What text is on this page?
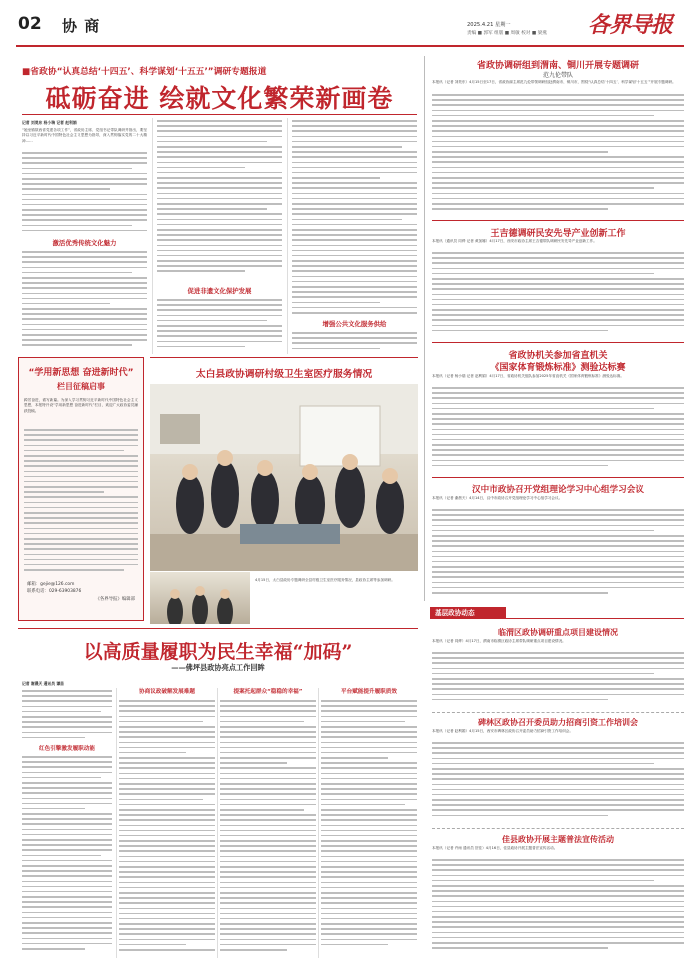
02 协 商	2025.4.21 星期一
责编 ■ 郭军 组版 ■ 周敏 校对 ■ 梁燕 各界导报
■省政协“认真总结‘十四五’、科学谋划‘十五五’”调研专题报道
砥砺奋进 绘就文化繁荣新画卷
记者 刘昊东 杨小瑞 记者 赵利娟
“她坐镇陕西省党建各项工作”，省政协主席、党组书记带队调研并指出，要坚持以习近平新时代中国特色社会主义思想为指导，深入贯彻落实党的二十大精神……
激活优秀传统文化魅力
促进非遗文化保护发展
增强公共文化服务供给
省政协调研组到渭南、铜川开展专题调研
范九伦带队
本报讯（记者 刘昊东）4月15日至17日，省政协副主席范九伦带领调研组赴渭南市、铜川市，围绕“认真总结‘十四五’、科学谋划‘十五五’”开展专题调研。
王吉德调研民安先导产业创新工作
本报讯（通讯员 同烨 记者 黄加娜）4月17日，西安市政协主席王吉德带队调研民安先导产业创新工作。
省政协机关参加省直机关
《国家体育锻炼标准》测验达标赛
本报讯（记者 杨小瑞 记者 赵利娟）4月17日，省政协机关组队参加2025年省直机关《国家体育锻炼标准》测验达标赛。
汉中市政协召开党组理论学习中心组学习会议
本报讯（记者 谢晨天）4月14日，汉中市政协召开党组理论学习中心组学习会议。
基层政协动态
临渭区政协调研重点项目建设情况
本报讯（记者 同烨）4月17日，渭南市临渭区政协主席带队调研重点项目建设情况。
碑林区政协召开委员助力招商引资工作培训会
本报讯（记者 赵利娟）4月15日，西安市碑林区政协召开委员助力招商引资工作培训会。
佳县政协开展主题普法宣传活动
本报讯（记者 许雨 通讯员 贺佳）4月16日，佳县政协开展主题普法宣传活动。
“学用新思想 奋进新时代”
栏目征稿启事
踔厉奋进，谱写新篇。为深入学习贯彻习近平新时代中国特色社会主义思想，本报特开设“学用新思想 奋进新时代”栏目，欢迎广大政协委员踊跃投稿。
邮箱：gejie@126.com
联系电话：029-63903876
《各界导报》编辑部
太白县政协调研村级卫生室医疗服务情况
4月15日，太白县政协专题调研全县村级卫生室医疗服务情况，县政协主席等参加调研。
以高质量履职为民生幸福“加码”
——佛坪县政协亮点工作回眸
记者 谢晨天 通讯员 谭苗
红色引擎激发履职动能
协商议政破解发展难题	提案托起群众“稳稳的幸福”	平台赋能提升履职质效
